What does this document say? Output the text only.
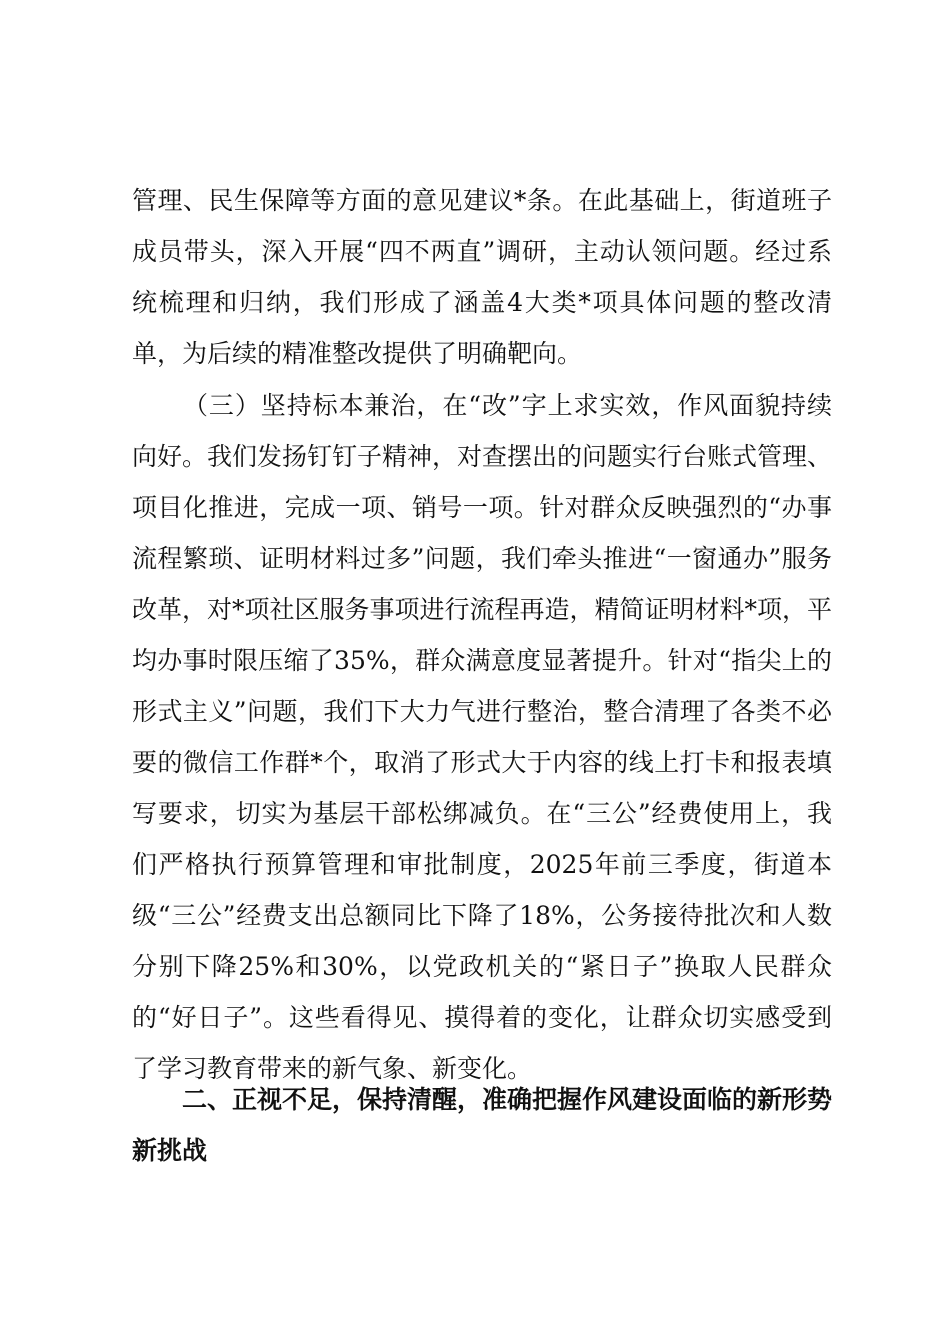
管理、民生保障等方面的意见建议*条。在此基础上，街道班子成员带头，深入开展“四不两直”调研，主动认领问题。经过系统梳理和归纳，我们形成了涵盖4大类*项具体问题的整改清单，为后续的精准整改提供了明确靶向。

（三）坚持标本兼治，在“改”字上求实效，作风面貌持续向好。我们发扬钉钉子精神，对查摆出的问题实行台账式管理、项目化推进，完成一项、销号一项。针对群众反映强烈的“办事流程繁琐、证明材料过多”问题，我们牵头推进“一窗通办”服务改革，对*项社区服务事项进行流程再造，精简证明材料*项，平均办事时限压缩了35%，群众满意度显著提升。针对“指尖上的形式主义”问题，我们下大力气进行整治，整合清理了各类不必要的微信工作群*个，取消了形式大于内容的线上打卡和报表填写要求，切实为基层干部松绑减负。在“三公”经费使用上，我们严格执行预算管理和审批制度，2025年前三季度，街道本级“三公”经费支出总额同比下降了18%，公务接待批次和人数分别下降25%和30%，以党政机关的“紧日子”换取人民群众的“好日子”。这些看得见、摸得着的变化，让群众切实感受到了学习教育带来的新气象、新变化。

二、正视不足，保持清醒，准确把握作风建设面临的新形势新挑战
